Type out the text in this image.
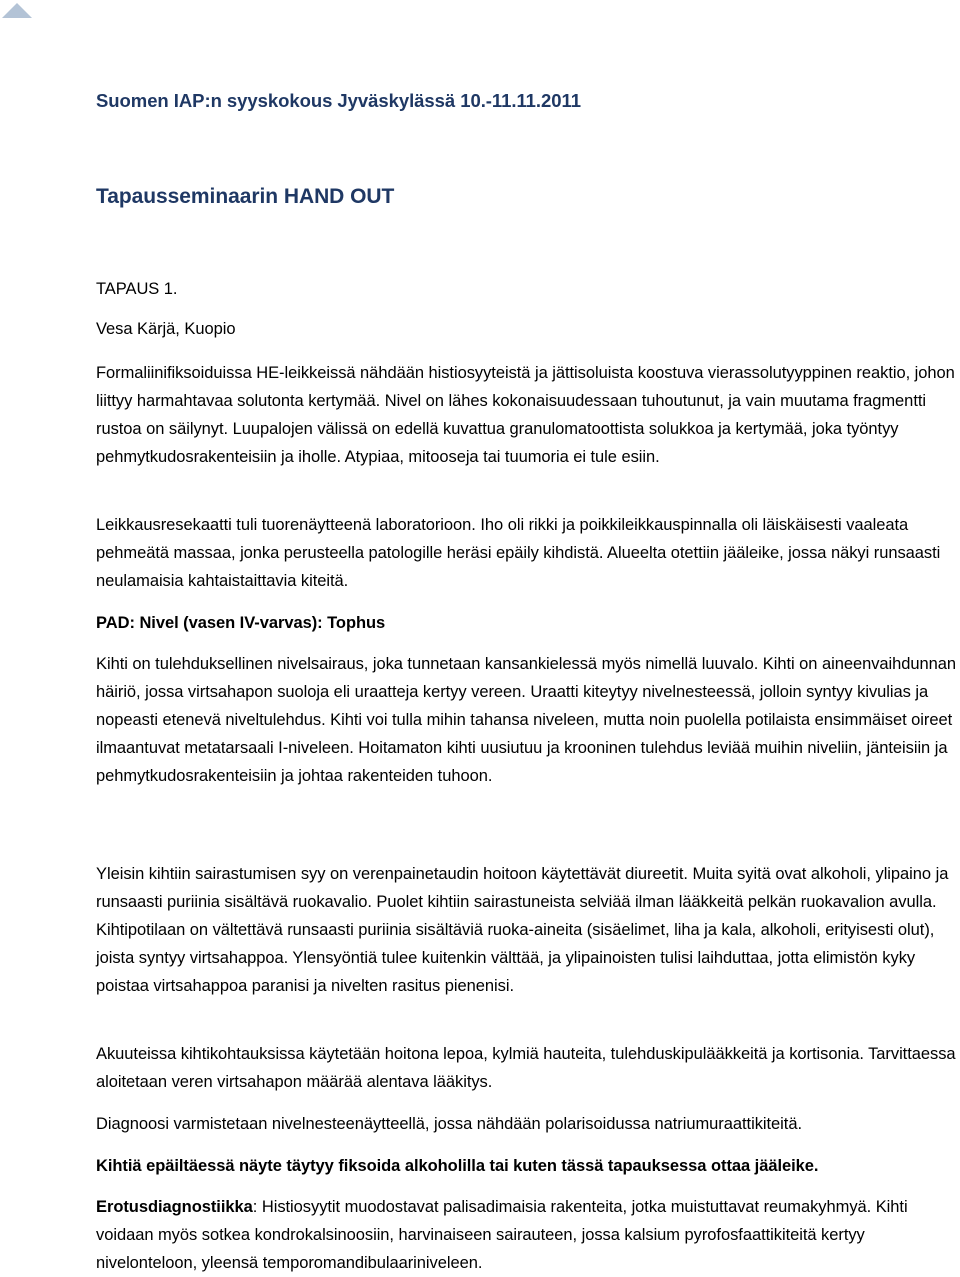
Suomen IAP:n syyskokous Jyväskylässä 10.-11.11.2011

Tapausseminaarin HAND OUT

TAPAUS 1.

Vesa Kärjä, Kuopio

Formaliinifiksoiduissa HE-leikkeissä nähdään histiosyyteistä ja jättisoluista koostuva vierassolutyyppinen reaktio, johon liittyy harmahtavaa solutonta kertymää. Nivel on lähes kokonaisuudessaan tuhoutunut, ja vain muutama fragmentti rustoa on säilynyt. Luupalojen välissä on edellä kuvattua granulomatoottista solukkoa ja kertymää, joka työntyy pehmytkudosrakenteisiin ja iholle. Atypiaa, mitooseja tai tuumoria ei tule esiin.

Leikkausresekaatti tuli tuorenäytteenä laboratorioon. Iho oli rikki ja poikkileikkauspinnalla oli läiskäisesti vaaleata pehmeätä massaa, jonka perusteella patologille heräsi epäily kihdistä. Alueelta otettiin jääleike, jossa näkyi runsaasti neulamaisia kahtaistaittavia kiteitä.

PAD: Nivel (vasen IV-varvas): Tophus

Kihti on tulehduksellinen nivelsairaus, joka tunnetaan kansankielessä myös nimellä luuvalo. Kihti on aineenvaihdunnan häiriö, jossa virtsahapon suoloja eli uraatteja kertyy vereen. Uraatti kiteytyy nivelnesteessä, jolloin syntyy kivulias ja nopeasti etenevä niveltulehdus. Kihti voi tulla mihin tahansa niveleen, mutta noin puolella potilaista ensimmäiset oireet ilmaantuvat metatarsaali I-niveleen. Hoitamaton kihti uusiutuu ja krooninen tulehdus leviää muihin niveliin, jänteisiin ja pehmytkudosrakenteisiin ja johtaa rakenteiden tuhoon.

Yleisin kihtiin sairastumisen syy on verenpainetaudin hoitoon käytettävät diureetit. Muita syitä ovat alkoholi, ylipaino ja runsaasti puriinia sisältävä ruokavalio. Puolet kihtiin sairastuneista selviää ilman lääkkeitä pelkän ruokavalion avulla. Kihtipotilaan on vältettävä runsaasti puriinia sisältäviä ruoka-aineita (sisäelimet, liha ja kala, alkoholi, erityisesti olut), joista syntyy virtsahappoa. Ylensyöntiä tulee kuitenkin välttää, ja ylipainoisten tulisi laihduttaa, jotta elimistön kyky poistaa virtsahappoa paranisi ja nivelten rasitus pienenisi.

Akuuteissa kihtikohtauksissa käytetään hoitona lepoa, kylmiä hauteita, tulehduskipulääkkeitä ja kortisonia. Tarvittaessa aloitetaan veren virtsahapon määrää alentava lääkitys.

Diagnoosi varmistetaan nivelnesteenäytteellä, jossa nähdään polarisoidussa natriumuraattikiteitä.

Kihtiä epäiltäessä näyte täytyy fiksoida alkoholilla tai kuten tässä tapauksessa ottaa jääleike.

Erotusdiagnostiikka: Histiosyytit muodostavat palisadimaisia rakenteita, jotka muistuttavat reumakyhmyä. Kihti voidaan myös sotkea kondrokalsinoosiin, harvinaiseen sairauteen, jossa kalsium pyrofosfaattikiteitä kertyy nivelonteloon, yleensä temporomandibulaariniveleen.
